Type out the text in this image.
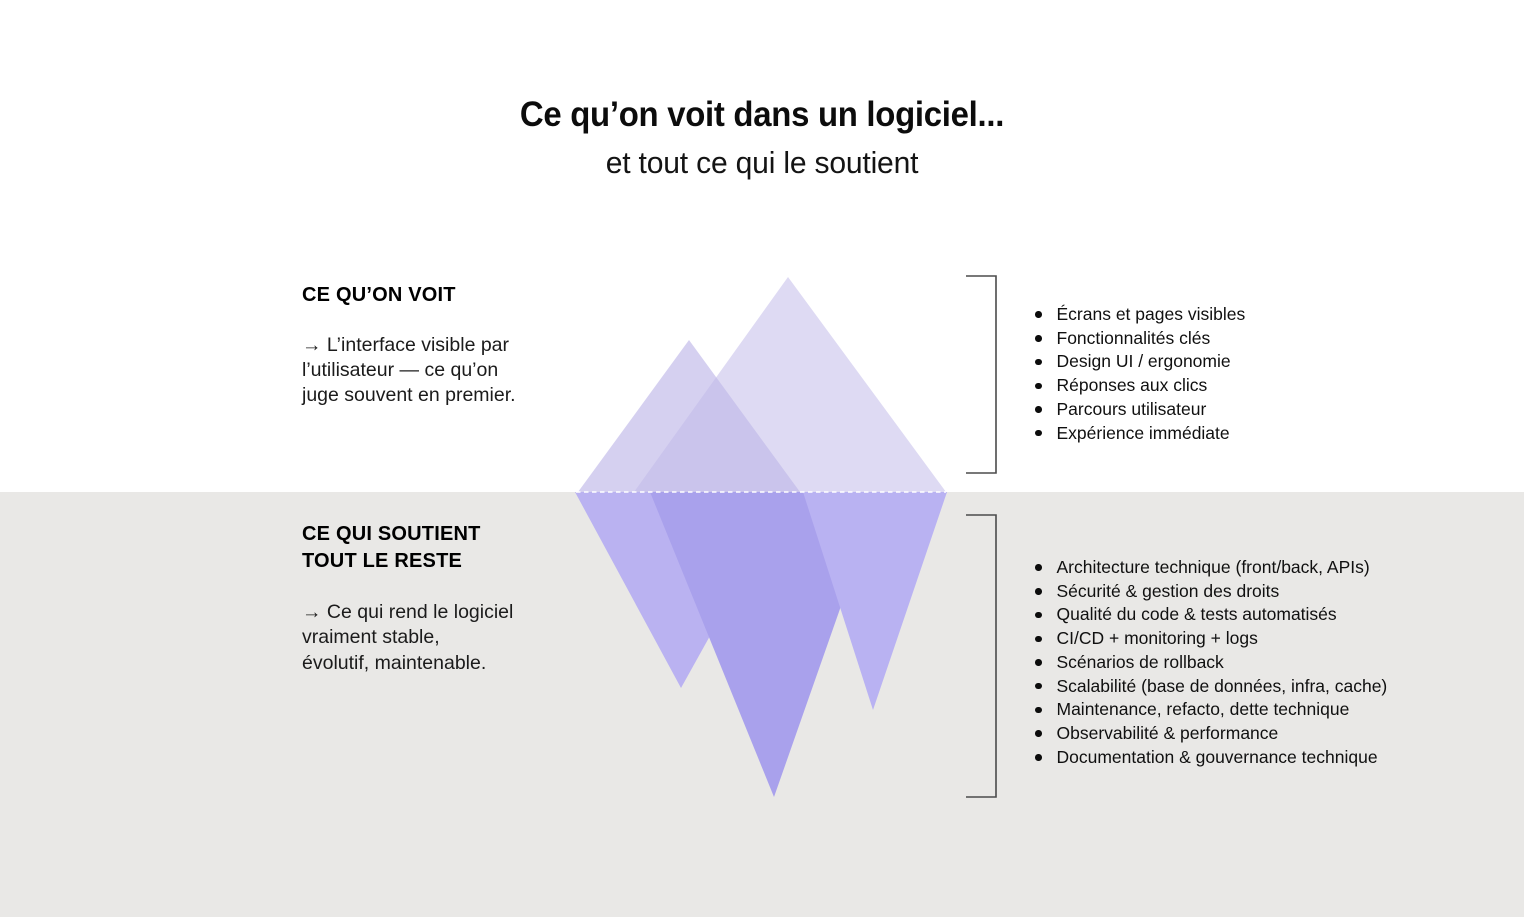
Ce qu’on voit dans un logiciel...
et tout ce qui le soutient
CE QU’ON VOIT
→ L’interface visible par
l’utilisateur — ce qu’on
juge souvent en premier.
CE QUI SOUTIENT
TOUT LE RESTE
→ Ce qui rend le logiciel
vraiment stable,
évolutif, maintenable.
Écrans et pages visibles
Fonctionnalités clés
Design UI / ergonomie
Réponses aux clics
Parcours utilisateur
Expérience immédiate
Architecture technique (front/back, APIs)
Sécurité & gestion des droits
Qualité du code & tests automatisés
CI/CD + monitoring + logs
Scénarios de rollback
Scalabilité (base de données, infra, cache)
Maintenance, refacto, dette technique
Observabilité & performance
Documentation & gouvernance technique
